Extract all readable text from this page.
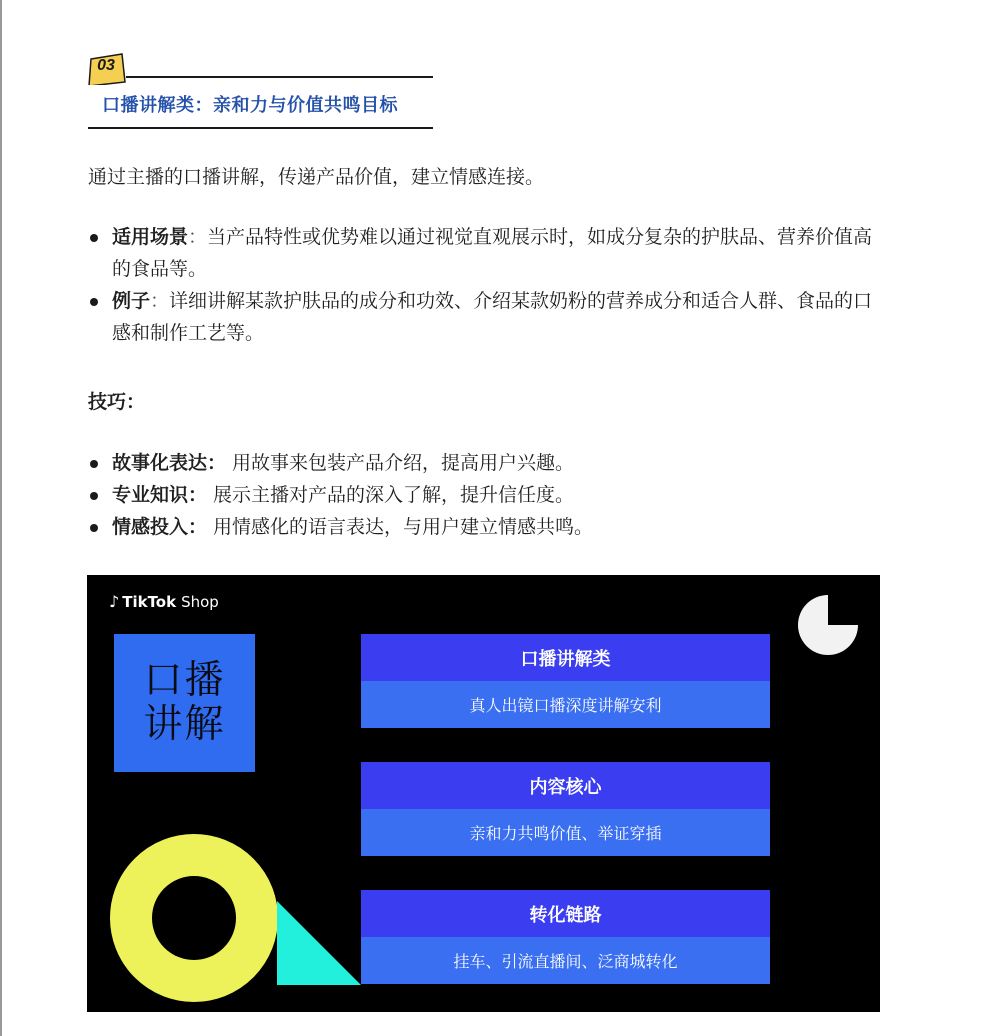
03
口播讲解类：亲和力与价值共鸣目标
通过主播的口播讲解，传递产品价值，建立情感连接。
适用场景：当产品特性或优势难以通过视觉直观展示时，如成分复杂的护肤品、营养价值高的食品等。
例子：详细讲解某款护肤品的成分和功效、介绍某款奶粉的营养成分和适合人群、食品的口感和制作工艺等。
技巧：
故事化表达： 用故事来包装产品介绍，提高用户兴趣。
专业知识： 展示主播对产品的深入了解，提升信任度。
情感投入： 用情感化的语言表达，与用户建立情感共鸣。
♪ TikTok Shop
口播
讲解
口播讲解类
真人出镜口播深度讲解安利
内容核心
亲和力共鸣价值、举证穿插
转化链路
挂车、引流直播间、泛商城转化
